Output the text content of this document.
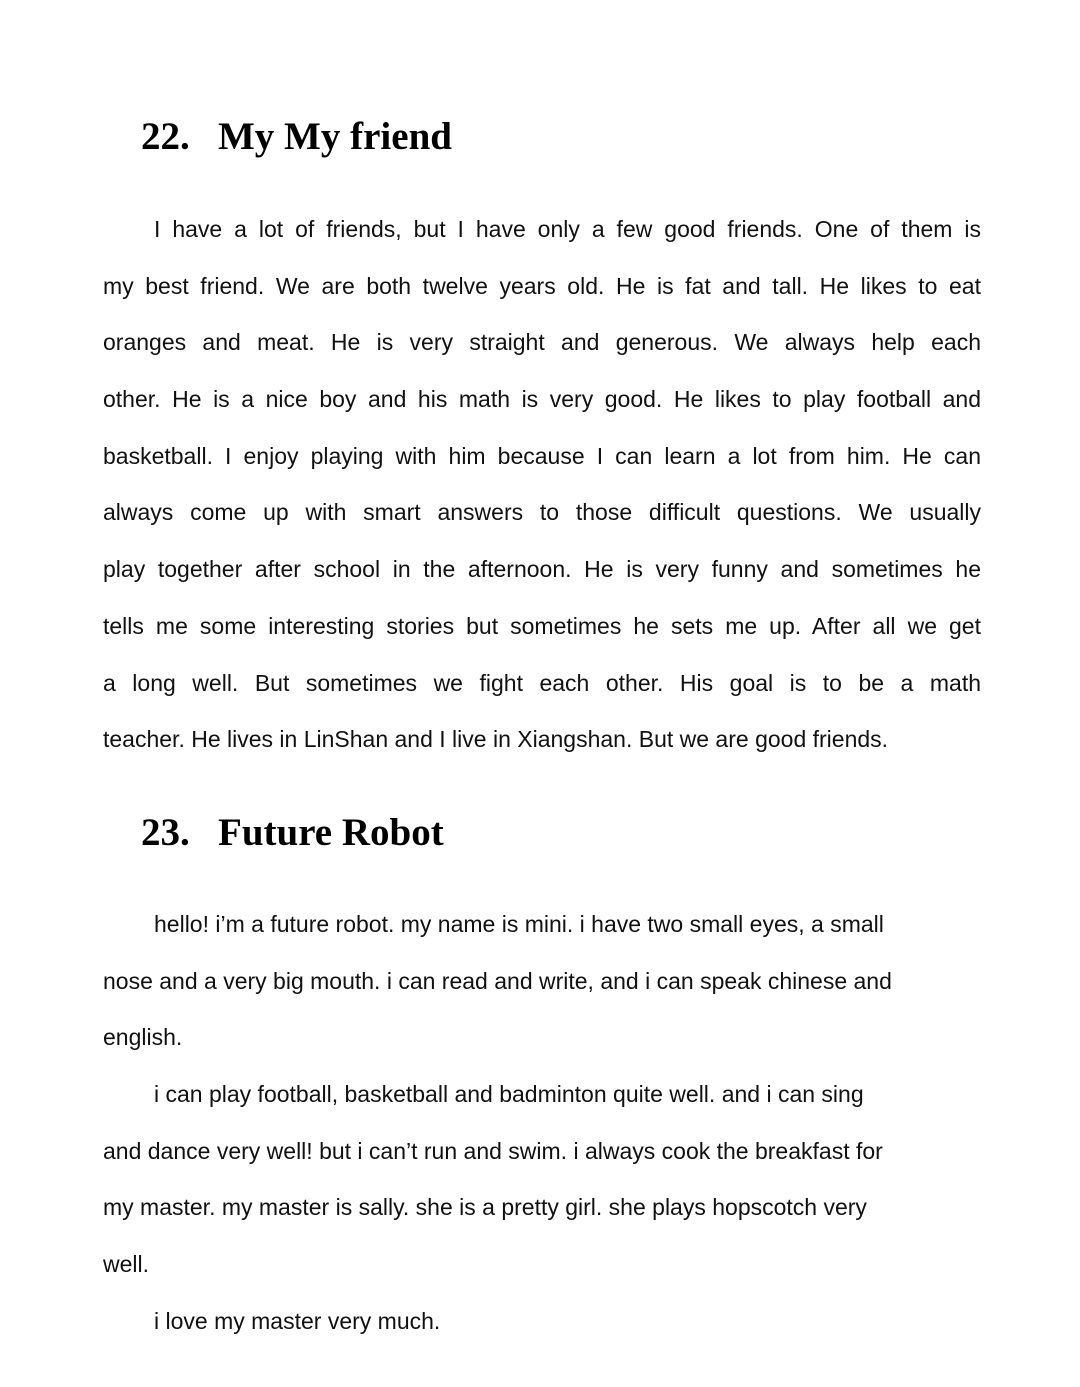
22. My My friend
I have a lot of friends, but I have only a few good friends. One of them is
my best friend. We are both twelve years old. He is fat and tall. He likes to eat
oranges and meat. He is very straight and generous. We always help each
other. He is a nice boy and his math is very good. He likes to play football and
basketball. I enjoy playing with him because I can learn a lot from him. He can
always come up with smart answers to those difficult questions. We usually
play together after school in the afternoon. He is very funny and sometimes he
tells me some interesting stories but sometimes he sets me up. After all we get
a long well. But sometimes we fight each other. His goal is to be a math
teacher. He lives in LinShan and I live in Xiangshan. But we are good friends.
23. Future Robot
hello! i’m a future robot. my name is mini. i have two small eyes, a small
nose and a very big mouth. i can read and write, and i can speak chinese and
english.
i can play football, basketball and badminton quite well. and i can sing
and dance very well! but i can’t run and swim. i always cook the breakfast for
my master. my master is sally. she is a pretty girl. she plays hopscotch very
well.
i love my master very much.
